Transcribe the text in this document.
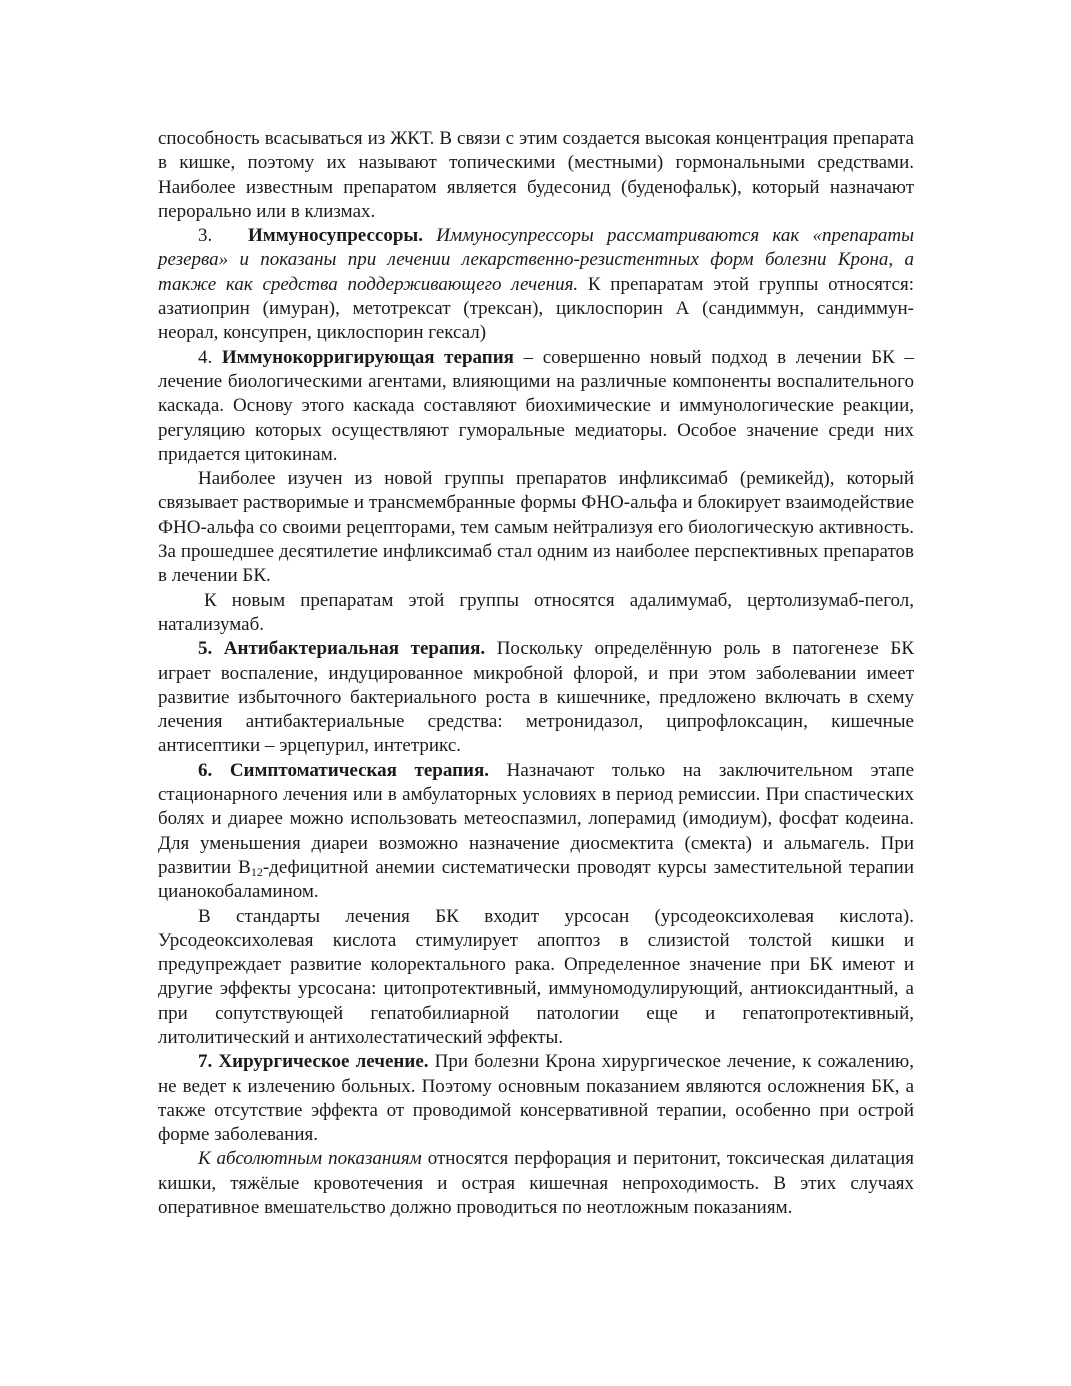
способность всасываться из ЖКТ. В связи с этим создается высокая концентрация препарата в кишке, поэтому их называют топическими (местными) гормональными средствами. Наиболее известным препаратом является будесонид (буденофальк), который назначают перорально или в клизмах.

3. Иммуносупрессоры. Иммуносупрессоры рассматриваются как «препараты резерва» и показаны при лечении лекарственно-резистентных форм болезни Крона, а также как средства поддерживающего лечения. К препаратам этой группы относятся: азатиоприн (имуран), метотрексат (трексан), циклоспорин А (сандиммун, сандиммун-неорал, консупрен, циклоспорин гексал)

4. Иммунокорригирующая терапия – совершенно новый подход в лечении БК – лечение биологическими агентами, влияющими на различные компоненты воспалительного каскада. Основу этого каскада составляют биохимические и иммунологические реакции, регуляцию которых осуществляют гуморальные медиаторы. Особое значение среди них придается цитокинам.

Наиболее изучен из новой группы препаратов инфликсимаб (ремикейд), который связывает растворимые и трансмембранные формы ФНО-альфа и блокирует взаимодействие ФНО-альфа со своими рецепторами, тем самым нейтрализуя его биологическую активность. За прошедшее десятилетие инфликсимаб стал одним из наиболее перспективных препаратов в лечении БК.

К новым препаратам этой группы относятся адалимумаб, цертолизумаб-пегол, натализумаб.

5. Антибактериальная терапия. Поскольку определённую роль в патогенезе БК играет воспаление, индуцированное микробной флорой, и при этом заболевании имеет развитие избыточного бактериального роста в кишечнике, предложено включать в схему лечения антибактериальные средства: метронидазол, ципрофлоксацин, кишечные антисептики – эрцепурил, интетрикс.

6. Симптоматическая терапия. Назначают только на заключительном этапе стационарного лечения или в амбулаторных условиях в период ремиссии. При спастических болях и диарее можно использовать метеоспазмил, лоперамид (имодиум), фосфат кодеина. Для уменьшения диареи возможно назначение диосмектита (смекта) и альмагель. При развитии $В_{12}$-дефицитной анемии систематически проводят курсы заместительной терапии цианокобаламином.

В стандарты лечения БК входит урсосан (урсодеоксихолевая кислота). Урсодеоксихолевая кислота стимулирует апоптоз в слизистой толстой кишки и предупреждает развитие колоректального рака. Определенное значение при БК имеют и другие эффекты урсосана: цитопротективный, иммуномодулирующий, антиоксидантный, а при сопутствующей гепатобилиарной патологии еще и гепатопротективный, литолитический и антихолестатический эффекты.

7. Хирургическое лечение. При болезни Крона хирургическое лечение, к сожалению, не ведет к излечению больных. Поэтому основным показанием являются осложнения БК, а также отсутствие эффекта от проводимой консервативной терапии, особенно при острой форме заболевания.

К абсолютным показаниям относятся перфорация и перитонит, токсическая дилатация кишки, тяжёлые кровотечения и острая кишечная непроходимость. В этих случаях оперативное вмешательство должно проводиться по неотложным показаниям.
